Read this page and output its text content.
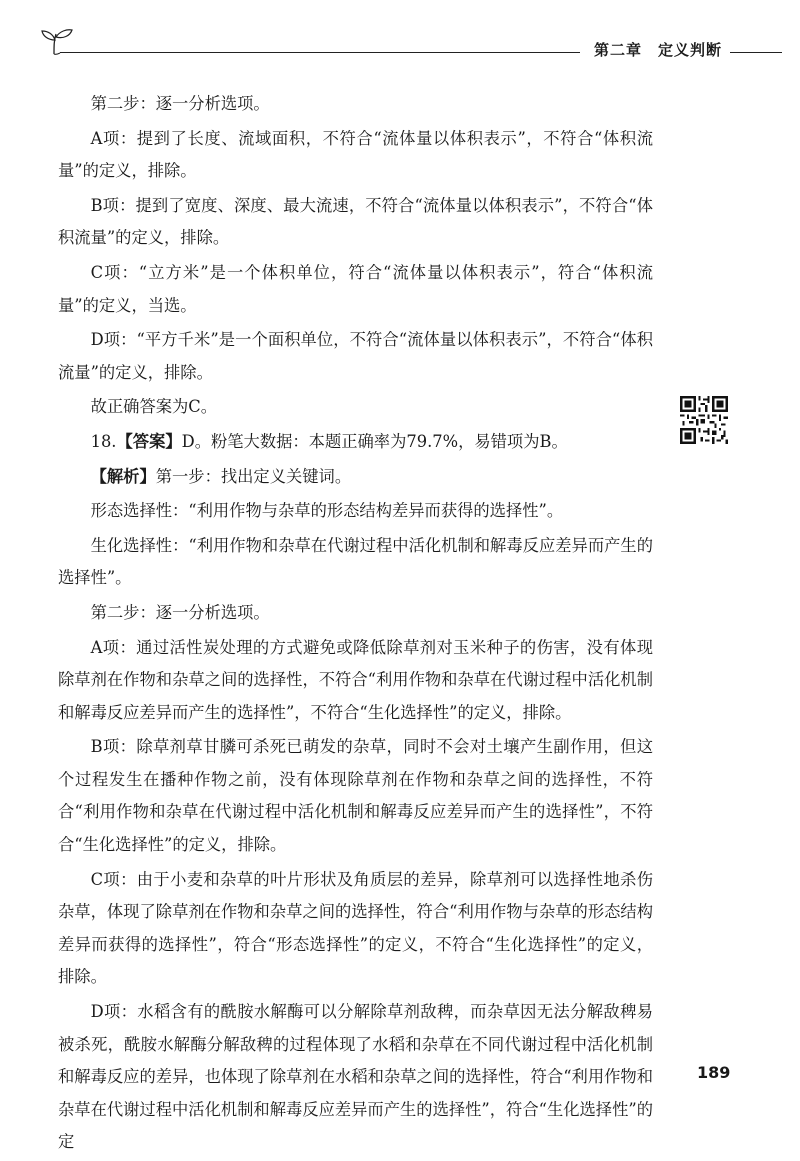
第二章 定义判断

第二步：逐一分析选项。

A项：提到了长度、流域面积，不符合“流体量以体积表示”，不符合“体积流量”的定义，排除。

B项：提到了宽度、深度、最大流速，不符合“流体量以体积表示”，不符合“体积流量”的定义，排除。

C项：“立方米”是一个体积单位，符合“流体量以体积表示”，符合“体积流量”的定义，当选。

D项：“平方千米”是一个面积单位，不符合“流体量以体积表示”，不符合“体积流量”的定义，排除。

故正确答案为C。

18.【答案】D。粉笔大数据：本题正确率为79.7%，易错项为B。

【解析】第一步：找出定义关键词。

形态选择性：“利用作物与杂草的形态结构差异而获得的选择性”。

生化选择性：“利用作物和杂草在代谢过程中活化机制和解毒反应差异而产生的选择性”。

第二步：逐一分析选项。

A项：通过活性炭处理的方式避免或降低除草剂对玉米种子的伤害，没有体现除草剂在作物和杂草之间的选择性，不符合“利用作物和杂草在代谢过程中活化机制和解毒反应差异而产生的选择性”，不符合“生化选择性”的定义，排除。

B项：除草剂草甘膦可杀死已萌发的杂草，同时不会对土壤产生副作用，但这个过程发生在播种作物之前，没有体现除草剂在作物和杂草之间的选择性，不符合“利用作物和杂草在代谢过程中活化机制和解毒反应差异而产生的选择性”，不符合“生化选择性”的定义，排除。

C项：由于小麦和杂草的叶片形状及角质层的差异，除草剂可以选择性地杀伤杂草，体现了除草剂在作物和杂草之间的选择性，符合“利用作物与杂草的形态结构差异而获得的选择性”，符合“形态选择性”的定义，不符合“生化选择性”的定义，排除。

D项：水稻含有的酰胺水解酶可以分解除草剂敌稗，而杂草因无法分解敌稗易被杀死，酰胺水解酶分解敌稗的过程体现了水稻和杂草在不同代谢过程中活化机制和解毒反应的差异，也体现了除草剂在水稻和杂草之间的选择性，符合“利用作物和杂草在代谢过程中活化机制和解毒反应差异而产生的选择性”，符合“生化选择性”的定

189
